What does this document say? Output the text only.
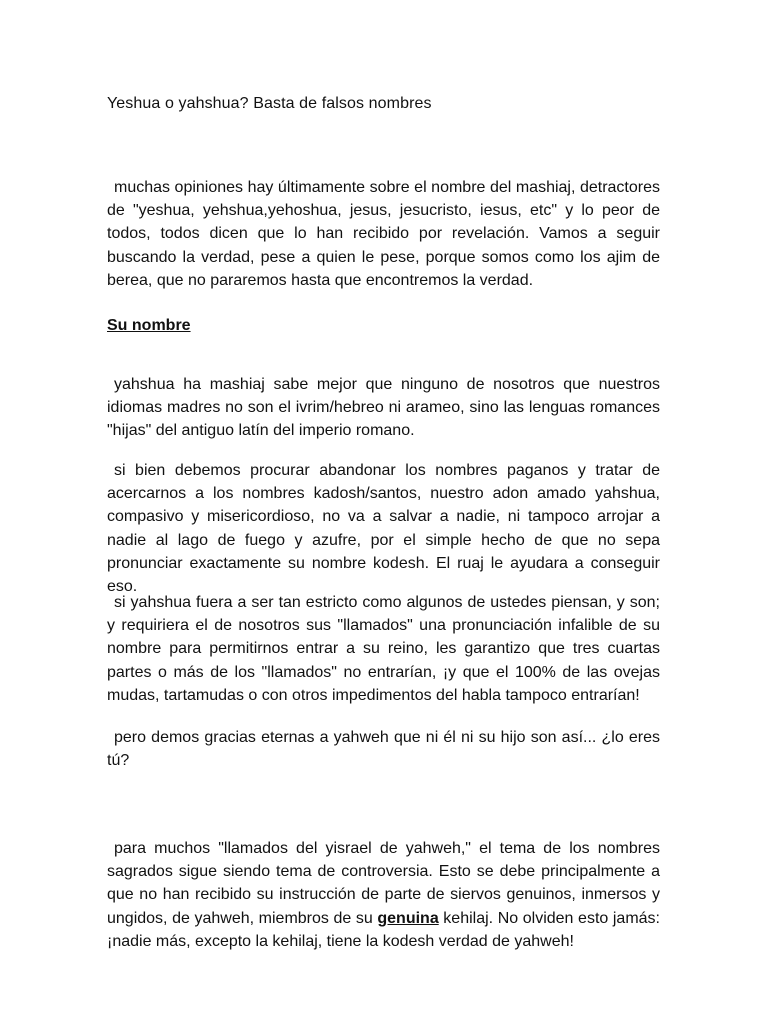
Yeshua o yahshua? Basta de falsos nombres

muchas opiniones hay últimamente sobre el nombre del mashiaj, detractores de "yeshua, yehshua,yehoshua, jesus, jesucristo, iesus, etc" y lo peor de todos, todos dicen que lo han recibido por revelación. Vamos a seguir buscando la verdad, pese a quien le pese, porque somos como los ajim de berea, que no pararemos hasta que encontremos la verdad.

Su nombre

yahshua ha mashiaj sabe mejor que ninguno de nosotros que nuestros idiomas madres no son el ivrim/hebreo ni arameo, sino las lenguas romances "hijas" del antiguo latín del imperio romano.

si bien debemos procurar abandonar los nombres paganos y tratar de acercarnos a los nombres kadosh/santos, nuestro adon amado yahshua, compasivo y misericordioso, no va a salvar a nadie, ni tampoco arrojar a nadie al lago de fuego y azufre, por el simple hecho de que no sepa pronunciar exactamente su nombre kodesh. El ruaj le ayudara a conseguir eso.

si yahshua fuera a ser tan estricto como algunos de ustedes piensan, y son; y requiriera el de nosotros sus "llamados" una pronunciación infalible de su nombre para permitirnos entrar a su reino, les garantizo que tres cuartas partes o más de los "llamados" no entrarían, ¡y que el 100% de las ovejas mudas, tartamudas o con otros impedimentos del habla tampoco entrarían!

pero demos gracias eternas a yahweh que ni él ni su hijo son así... ¿lo eres tú?

para muchos "llamados del yisrael de yahweh," el tema de los nombres sagrados sigue siendo tema de controversia. Esto se debe principalmente a que no han recibido su instrucción de parte de siervos genuinos, inmersos y ungidos, de yahweh, miembros de su genuina kehilaj. No olviden esto jamás: ¡nadie más, excepto la kehilaj, tiene la kodesh verdad de yahweh!
